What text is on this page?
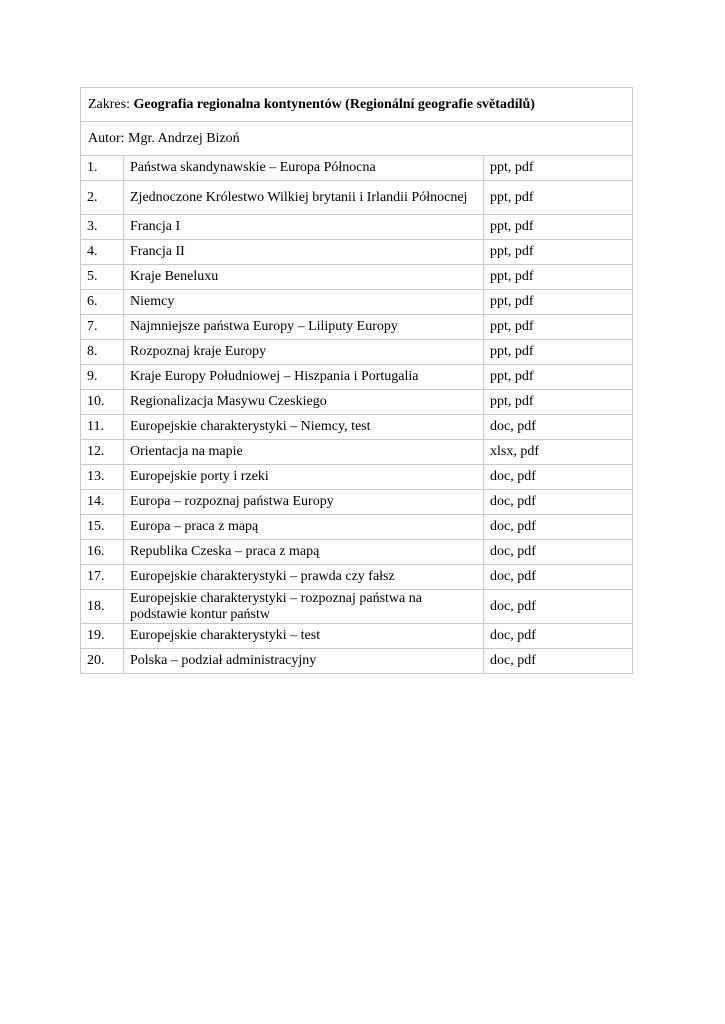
Zakres: Geografia regionalna kontynentów (Regionální geografie světadílů)		
Autor: Mgr. Andrzej Bizoń		
1.	Państwa skandynawskie – Europa Północna	ppt, pdf
2.	Zjednoczone Królestwo Wilkiej brytanii i Irlandii Północnej	ppt, pdf
3.	Francja I	ppt, pdf
4.	Francja II	ppt, pdf
5.	Kraje Beneluxu	ppt, pdf
6.	Niemcy	ppt, pdf
7.	Najmniejsze państwa Europy – Liliputy Europy	ppt, pdf
8.	Rozpoznaj kraje Europy	ppt, pdf
9.	Kraje Europy Południowej – Hiszpania i Portugalia	ppt, pdf
10.	Regionalizacja Masywu Czeskiego	ppt, pdf
11.	Europejskie charakterystyki – Niemcy, test	doc, pdf
12.	Orientacja na mapie	xlsx, pdf
13.	Europejskie porty i rzeki	doc, pdf
14.	Europa – rozpoznaj państwa Europy	doc, pdf
15.	Europa – praca z mapą	doc, pdf
16.	Republika Czeska – praca z mapą	doc, pdf
17.	Europejskie charakterystyki – prawda czy fałsz	doc, pdf
18.	Europejskie charakterystyki – rozpoznaj państwa na podstawie kontur państw	doc, pdf
19.	Europejskie charakterystyki – test	doc, pdf
20.	Polska – podział administracyjny	doc, pdf
